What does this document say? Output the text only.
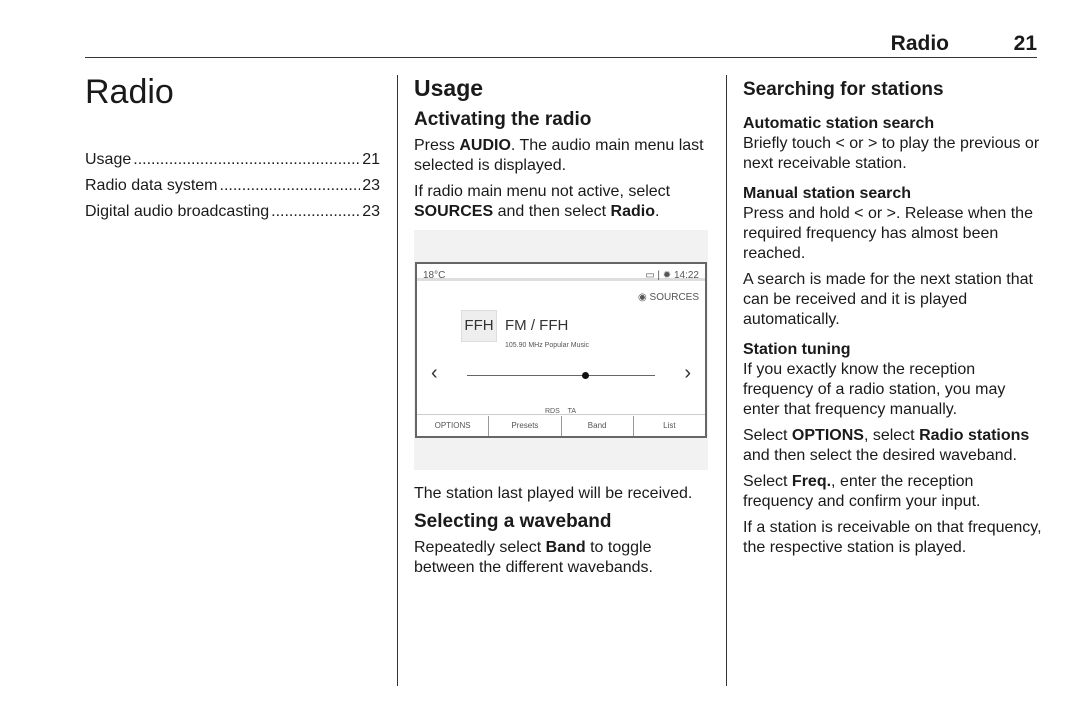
Radio	21
Radio
Usage .....	21
Radio data system .....	23
Digital audio broadcasting .....	23
Usage
Activating the radio

Press AUDIO. The audio main menu last selected is displayed.

If radio main menu not active, select SOURCES and then select Radio.

18°C	▭ | ✹ 14:22
◉ SOURCES
FFH FM / FFH
105.90 MHz Popular Music
‹	›
RDS TA
OPTIONS	Presets	Band	List

The station last played will be received.

Selecting a waveband

Repeatedly select Band to toggle between the different wavebands.

Searching for stations
Automatic station search

Briefly touch < or > to play the previous or next receivable station.

Manual station search

Press and hold < or >. Release when the required frequency has almost been reached.

A search is made for the next station that can be received and it is played automatically.

Station tuning

If you exactly know the reception frequency of a radio station, you may enter that frequency manually.

Select OPTIONS, select Radio stations and then select the desired waveband.

Select Freq., enter the reception frequency and confirm your input.

If a station is receivable on that frequency, the respective station is played.
